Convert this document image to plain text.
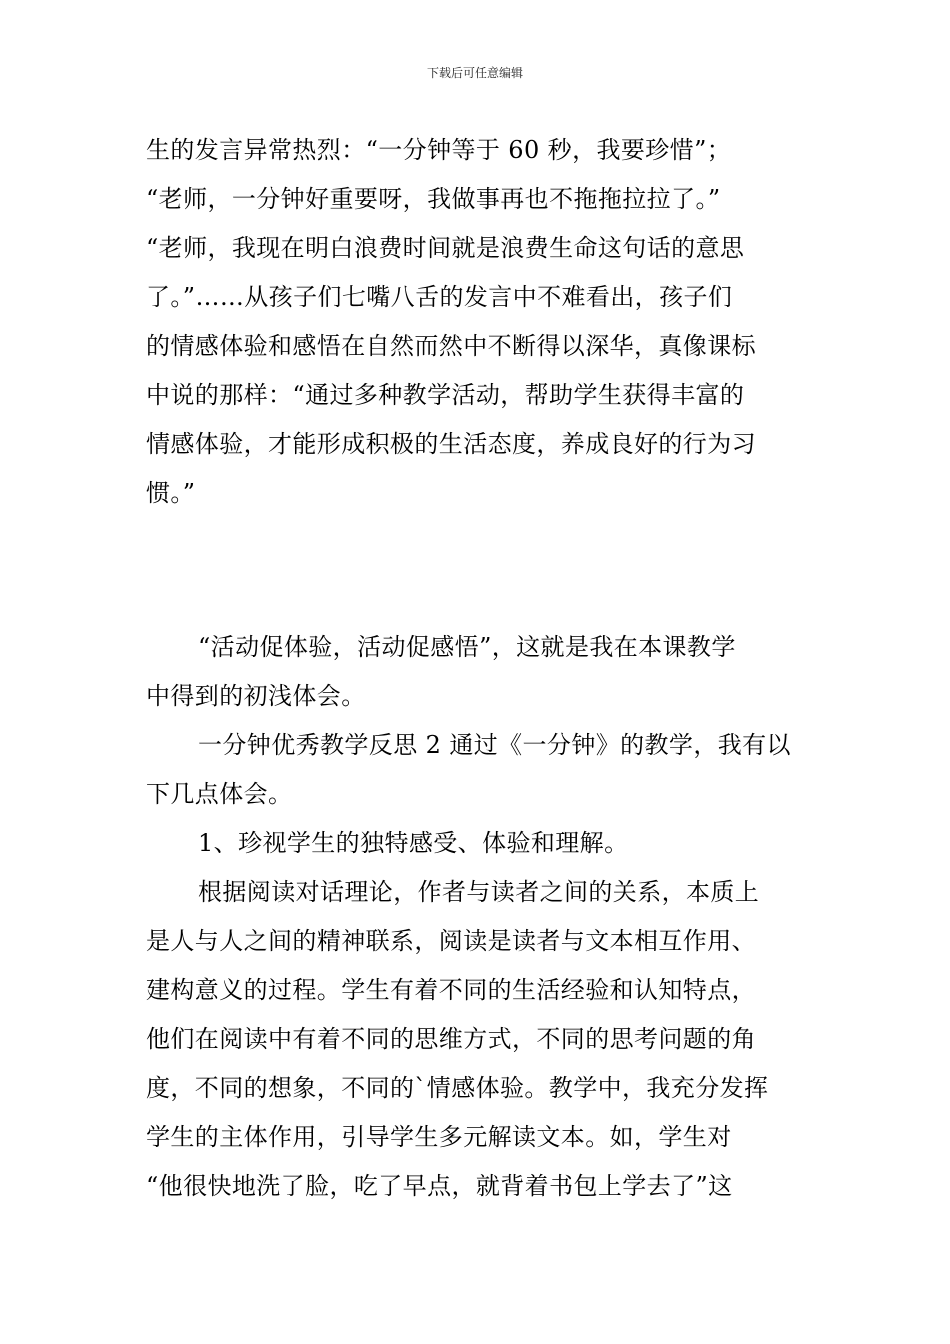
下载后可任意编辑
生的发言异常热烈：“一分钟等于 60 秒，我要珍惜”；
“老师，一分钟好重要呀，我做事再也不拖拖拉拉了。”
“老师，我现在明白浪费时间就是浪费生命这句话的意思
了。”……从孩子们七嘴八舌的发言中不难看出，孩子们
的情感体验和感悟在自然而然中不断得以深华，真像课标
中说的那样：“通过多种教学活动，帮助学生获得丰富的
情感体验，才能形成积极的生活态度，养成良好的行为习
惯。”
“活动促体验，活动促感悟”，这就是我在本课教学
中得到的初浅体会。
一分钟优秀教学反思 2 通过《一分钟》的教学，我有以
下几点体会。
1、珍视学生的独特感受、体验和理解。
根据阅读对话理论，作者与读者之间的关系，本质上
是人与人之间的精神联系，阅读是读者与文本相互作用、
建构意义的过程。学生有着不同的生活经验和认知特点，
他们在阅读中有着不同的思维方式，不同的思考问题的角
度，不同的想象，不同的`情感体验。教学中，我充分发挥
学生的主体作用，引导学生多元解读文本。如，学生对
“他很快地洗了脸，吃了早点，就背着书包上学去了”这
